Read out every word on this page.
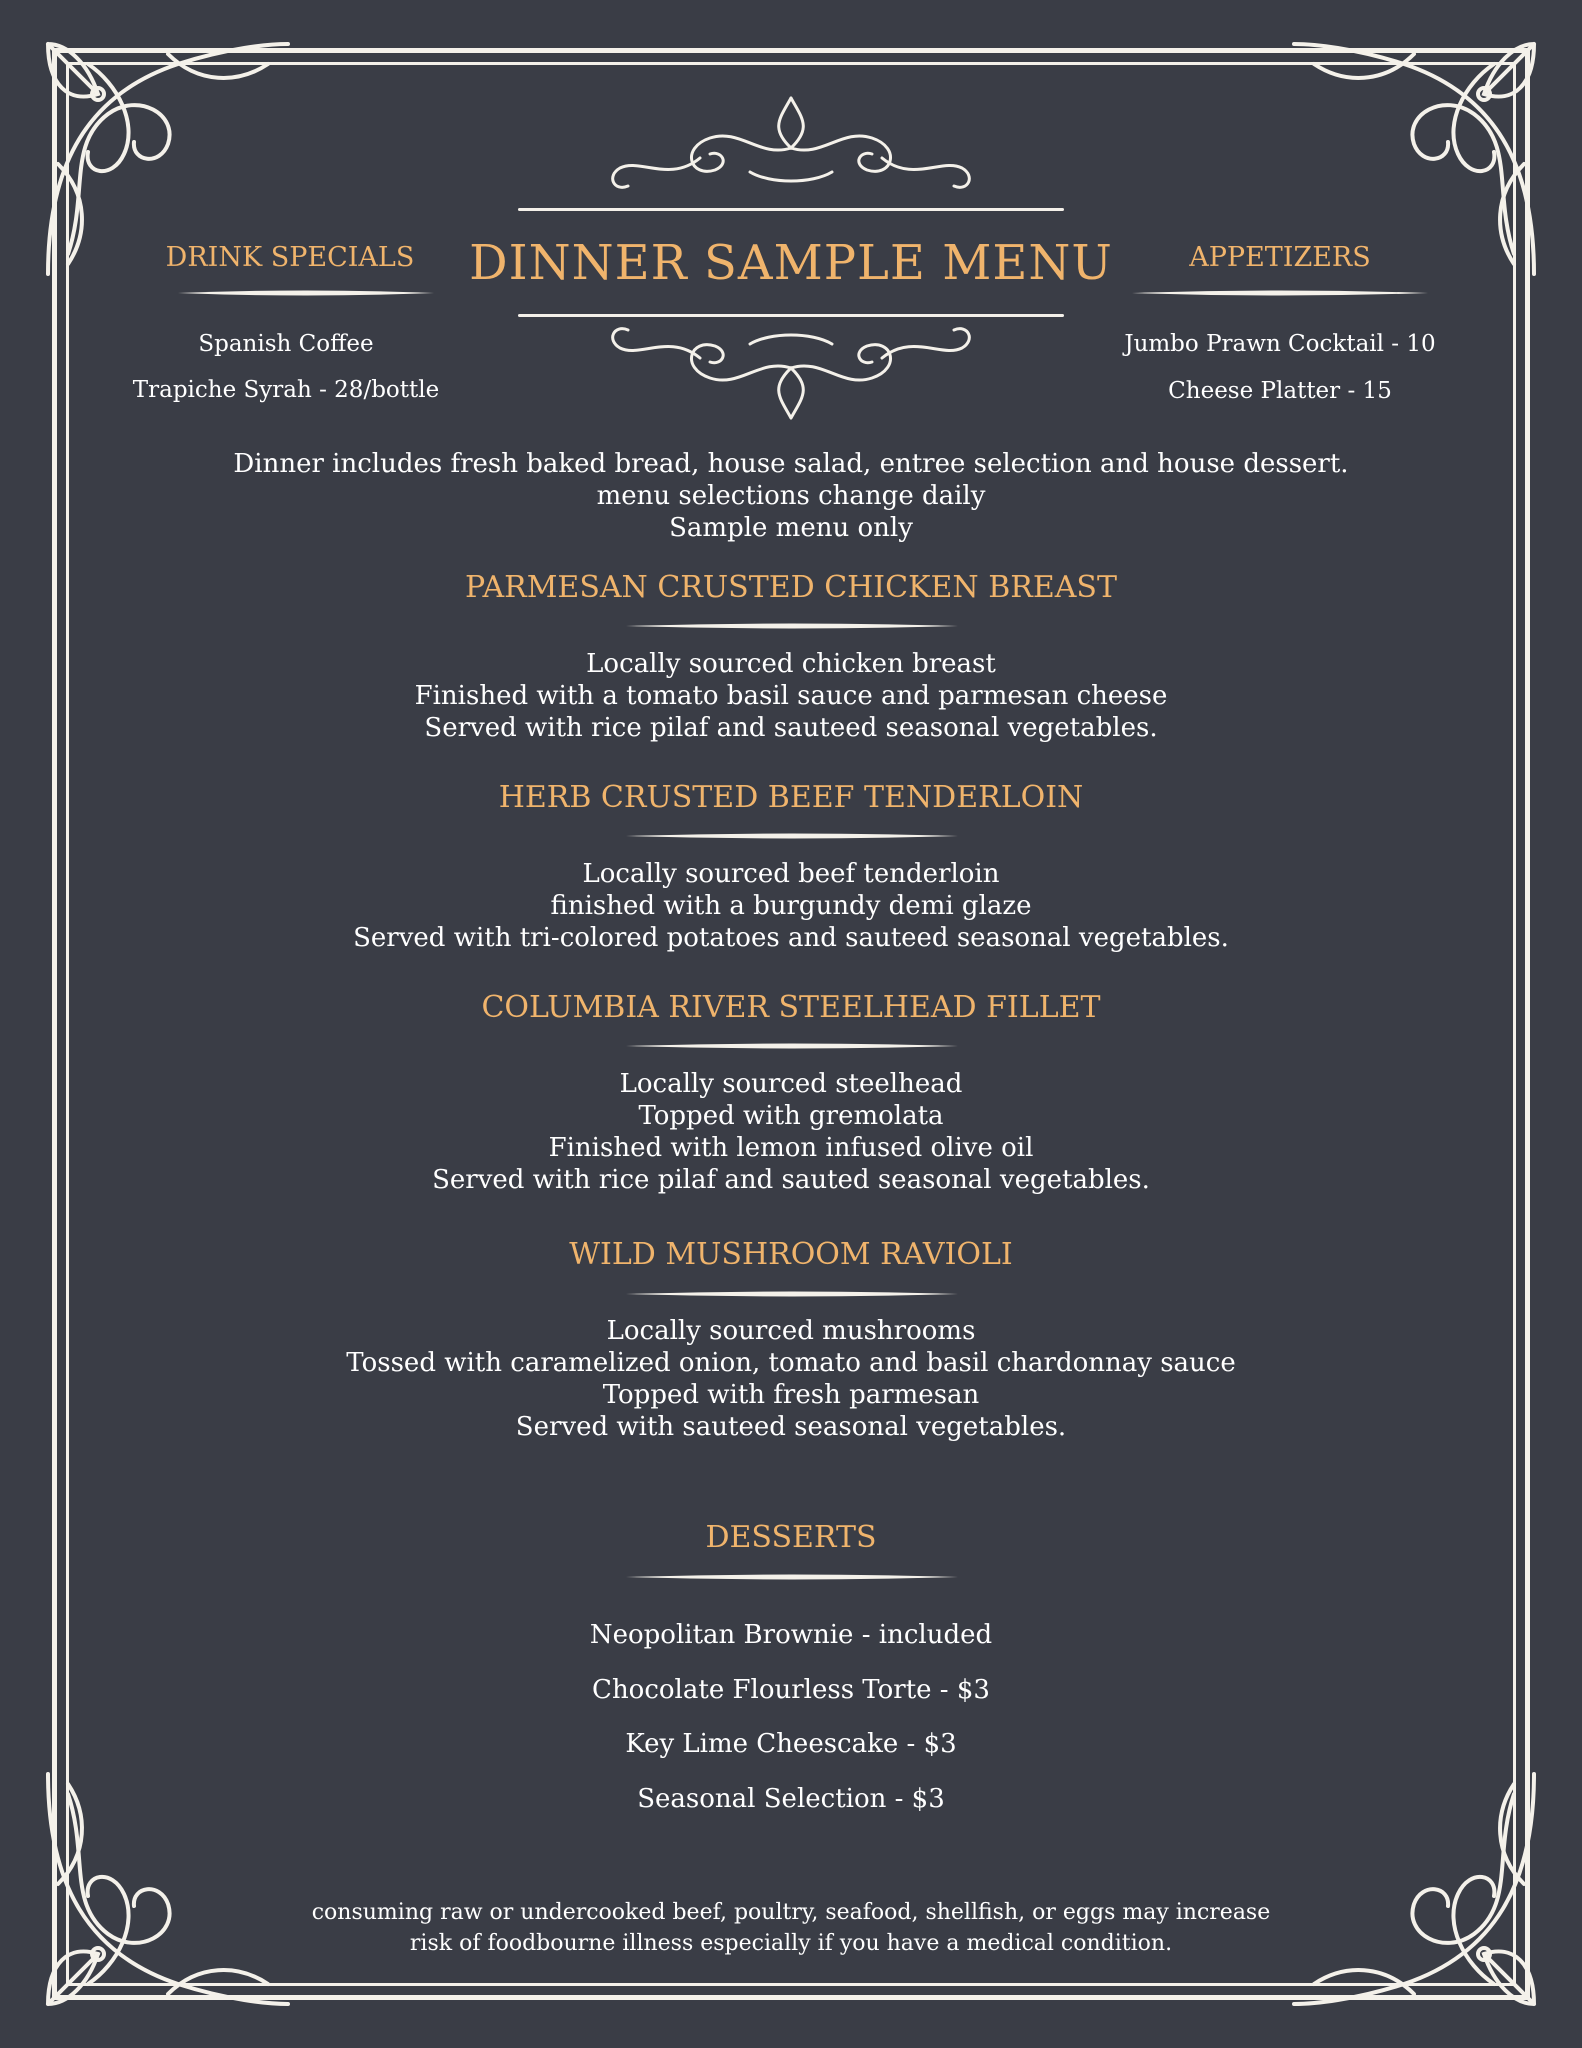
DINNER SAMPLE MENU
DRINK SPECIALS
Spanish Coffee
Trapiche Syrah - 28/bottle
APPETIZERS
Jumbo Prawn Cocktail - 10
Cheese Platter - 15
Dinner includes fresh baked bread, house salad, entree selection and house dessert.
menu selections change daily
Sample menu only
PARMESAN CRUSTED CHICKEN BREAST
Locally sourced chicken breast
Finished with a tomato basil sauce and parmesan cheese
Served with rice pilaf and sauteed seasonal vegetables.
HERB CRUSTED BEEF TENDERLOIN
Locally sourced beef tenderloin
finished with a burgundy demi glaze
Served with tri-colored potatoes and sauteed seasonal vegetables.
COLUMBIA RIVER STEELHEAD FILLET
Locally sourced steelhead
Topped with gremolata
Finished with lemon infused olive oil
Served with rice pilaf and sauted seasonal vegetables.
WILD MUSHROOM RAVIOLI
Locally sourced mushrooms
Tossed with caramelized onion, tomato and basil chardonnay sauce
Topped with fresh parmesan
Served with sauteed seasonal vegetables.
DESSERTS
Neopolitan Brownie - included
Chocolate Flourless Torte - $3
Key Lime Cheescake - $3
Seasonal Selection - $3
consuming raw or undercooked beef, poultry, seafood, shellfish, or eggs may increase
risk of foodbourne illness especially if you have a medical condition.
